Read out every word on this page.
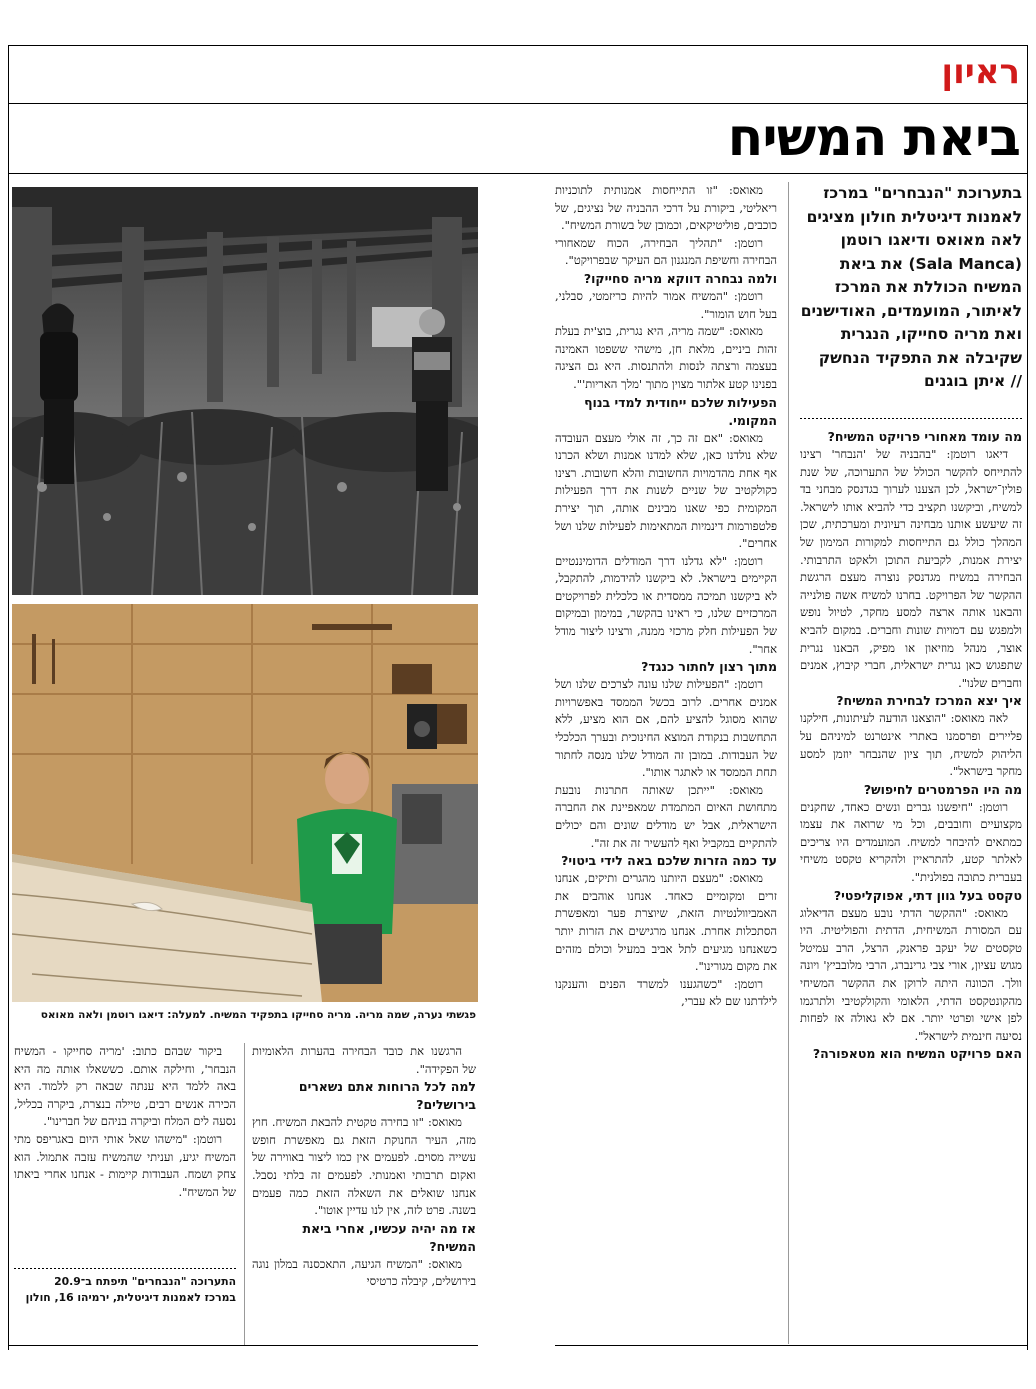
ראיון
ביאת המשיח
בתערוכת "הנבחרים" במרכז לאמנות דיגיטלית חולון מציגים לאה מאואס ודיאגו רוטמן (Sala Manca) את ביאת המשיח הכוללת את המרכז לאיתור, המועמדים, האודישנים ואת מריה סחייקו, הנגרית שקיבלה את התפקיד הנחשק
// איתן בוגנים
מה עומד מאחורי פרויקט המשיח?

דיאגו רוטמן: "בהבניה של 'הנבחר' רצינו להתייחס להקשר הכולל של התערוכה, של שנת פולין־ישראל, לכן הצענו לערוך בגדנסק מבחני בד למשיח, וביקשנו תקציב כדי להביא אותו לישראל. זה שיעשע אותנו מבחינה רעיונית ומערכתית, שכן המהלך כולל גם התייחסות למקורות המימון של יצירת אמנות, לקביעת התוכן ולאקט התרבותי. הבחירה במשיח מגדנסק נוצרה מעצם הרגשת ההקשר של הפרויקט. בחרנו למשיח אשה פולנייה והבאנו אותה ארצה למסע מחקר, לטיול נופש ולמפגש עם דמויות שונות וחברים. במקום להביא אוצר, מנהל מוזיאון או מפיק, הבאנו נגרית שתפגוש כאן נגרית ישראלית, חברי קיבוץ, אמנים וחברים שלנו".

איך יצא המרכז לבחירת המשיח?

לאה מאואס: "הוצאנו הודעה לעיתונות, חילקנו פליירים ופרסמנו באתרי אינטרנט למיניהם על הליהוק למשיח, תוך ציון שהנבחר יוזמן למסע מחקר בישראל".

מה היו הפרמטרים לחיפוש?

רוטמן: "חיפשנו גברים ונשים כאחד, שחקנים מקצועיים וחובבים, וכל מי שרואה את עצמו כמתאים להיבחר למשיח. המועמדים היו צריכים לאלתר קטע, להתראיין ולהקריא טקסט משיחי בעברית כתובה בפולנית".

טקסט בעל גוון דתי, אפוקליפטי?

מאואס: "ההקשר הדתי נובע מעצם הדיאלוג עם המסורת המשיחית, הדתית והפוליטית. היו טקסטים של יעקב פראנק, הרצל, הרב עמיטל מגוש עציון, אורי צבי גרינברג, הרבי מלובביץ' ויונה וולך. הכוונה היתה לרוקן את ההקשר המשיחי מהקונטקסט הדתי, הלאומי והקולקטיבי ולתרגמו לפן אישי ופרטי יותר. אם לא גאולה אז לפחות נסיעה חינמית לישראל".

האם פרויקט המשיח הוא מטאפורה?

מאואס: "זו התייחסות אמנותית לתוכניות ריאליטי, ביקורת על דרכי ההבניה של נציגים, של כוכבים, פוליטיקאים, וכמובן של בשורת המשיח".

רוטמן: "תהליך הבחירה, הכוח שמאחורי הבחירה וחשיפת המנגנון הם העיקר שבפרויקט".

ולמה נבחרה דווקא מריה סחייקו?

רוטמן: "המשיח אמור להיות כריזמטי, סבלני, בעל חוש הומור".

מאואס: "שמה מריה, היא נגרית, בוצ'ית בעלת זהות ביניים, מלאת חן, מישהי ששפטו האמינה בעצמה ורצתה לנסות ולהתנסות. היא גם הציגה בפנינו קטע אלתור מצוין מתוך 'מלך האריות'".

הפעילות שלכם ייחודית למדי בנוף המקומי.

מאואס: "אם זה כך, זה אולי מעצם העובדה שלא נולדנו כאן, שלא למדנו אמנות ושלא הכרנו אף אחת מהדמויות החשובות והלא חשובות. רצינו כקולקטיב של שניים לשנות את דרך הפעילות המקומית כפי שאנו מבינים אותה, תוך יצירת פלטפורמות דינמיות המתאימות לפעילות שלנו ושל אחרים".

רוטמן: "לא גדלנו דרך המודלים הדומיננטיים הקיימים בישראל. לא ביקשנו להידמות, להתקבל, לא ביקשנו תמיכה ממסדית או כלכלית לפרויקטים המרכזיים שלנו, כי ראינו בהקשר, במימון ובמיקום של הפעילות חלק מרכזי ממנה, ורצינו ליצור מודל אחר".

מתוך רצון לחתור כנגד?

רוטמן: "הפעילות שלנו עונה לצרכים שלנו ושל אמנים אחרים. לרוב בכשל הממסד באפשרויות שהוא מסוגל להציע להם, אם הוא מציע, ללא התחשבות בנקודת המוצא החינוכית ובערך הכלכלי של העבודות. במובן זה המודל שלנו מנסה לחתור תחת הממסד או לאתגר אותו".

מאואס: "ייתכן שאותה חתרנות נובעת מתחושת האיום המתמדת שמאפיינת את החברה הישראלית, אבל יש מודלים שונים והם יכולים להתקיים במקביל ואף להעשיר זה את זה".

עד כמה הזרות שלכם באה לידי ביטוי?

מאואס: "מעצם היותנו מהגרים ותיקים, אנחנו זרים ומקומיים כאחד. אנחנו אוהבים את האמביוולנטיות הזאת, שיוצרת פער ומאפשרת הסתכלות אחרת. אנחנו מרגישים את הזרות יותר כשאנחנו מגיעים לתל אביב במעיל וכולם מזהים את מקום מגורינו".

רוטמן: "כשהגענו למשרד הפנים והענקנו לילדתנו שם לא עברי,

הרגשנו את כובד הבחירה בהערות הלאומיות של הפקידה".

למה לכל הרוחות אתם נשארים בירושלים?

מאואס: "זו בחירה טקטית להבאת המשיח. חוץ מזה, העיר החנוקת הזאת גם מאפשרת חופש עשייה מסוים. לפעמים אין כמו ליצור באווירה של ואקום תרבותי ואמנותי. לפעמים זה בלתי נסבל. אנחנו שואלים את השאלה הזאת כמה פעמים בשנה. פרט לזה, אין לנו עדיין אוטו".

אז מה יהיה עכשיו, אחרי ביאת המשיח?

מאואס: "המשיח הגיעה, התאכסנה במלון נוגה בירושלים, קיבלה כרטיסי

ביקור שבהם כתוב: 'מריה סחייקו - המשיח הנבחר', וחילקה אותם. כששאלו אותה מה היא באה ללמד היא ענתה שבאה רק ללמוד. היא הכירה אנשים רבים, טיילה בנצרת, ביקרה בכליל, נסעה לים המלח וביקרה בניהם של חברינו".

רוטמן: "מישהו שאל אותי היום באגריפס מתי המשיח יגיע, ועניתי שהמשיח עזבה אתמול. הוא צחק ושמח. העבודות קיימות - אנחנו אחרי ביאתו של המשיח".

התערוכה "הנבחרים" תיפתח ב־20.9
במרכז לאמנות דיגיטלית, ירמיהו 16, חולון
פגשתי נערה, שמה מריה. מריה סחייקו בתפקיד המשיח. למעלה: דיאגו רוטמן ולאה מאואס
